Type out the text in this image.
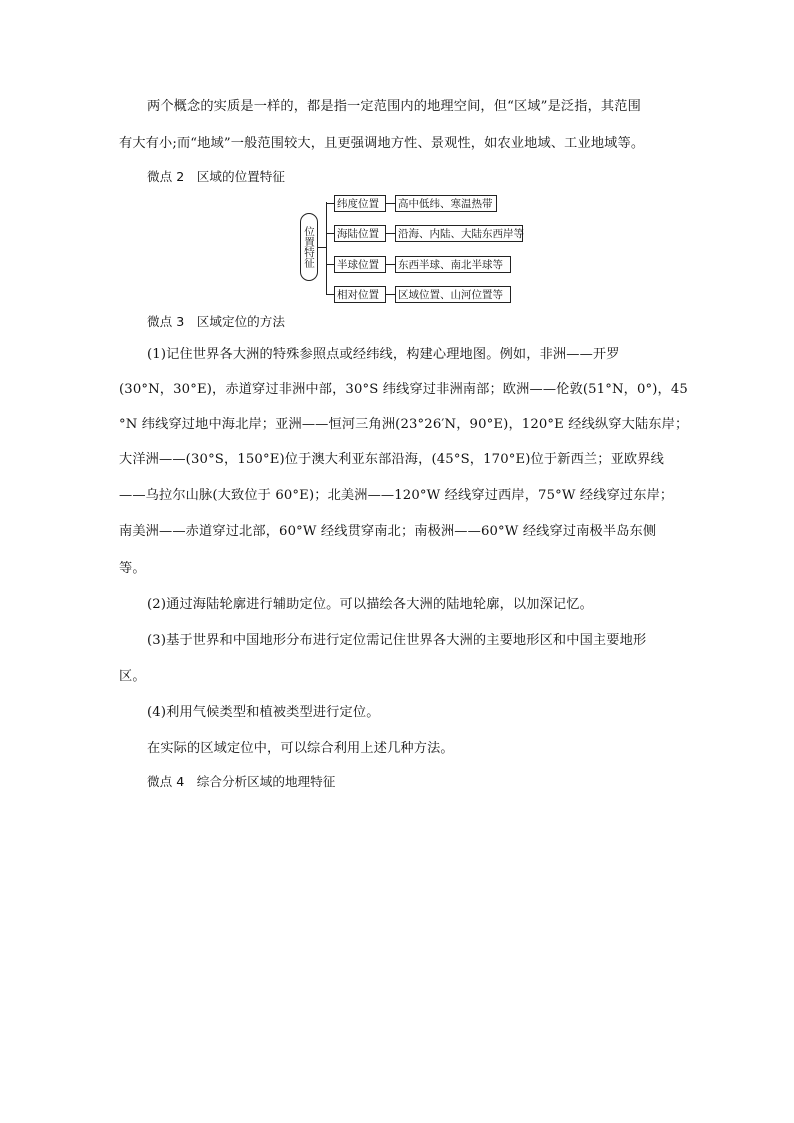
两个概念的实质是一样的，都是指一定范围内的地理空间，但“区域”是泛指，其范围
有大有小;而“地域”一般范围较大，且更强调地方性、景观性，如农业地域、工业地域等。
微点 2　区域的位置特征
位置特征
纬度位置
海陆位置
半球位置
相对位置
高中低纬、寒温热带
沿海、内陆、大陆东西岸等
东西半球、南北半球等
区域位置、山河位置等
微点 3　区域定位的方法
(1)记住世界各大洲的特殊参照点或经纬线，构建心理地图。例如，非洲——开罗
(30°N，30°E)，赤道穿过非洲中部，30°S 纬线穿过非洲南部；欧洲——伦敦(51°N，0°)，45
°N 纬线穿过地中海北岸；亚洲——恒河三角洲(23°26′N，90°E)，120°E 经线纵穿大陆东岸；
大洋洲——(30°S，150°E)位于澳大利亚东部沿海，(45°S，170°E)位于新西兰；亚欧界线
——乌拉尔山脉(大致位于 60°E)；北美洲——120°W 经线穿过西岸，75°W 经线穿过东岸；
南美洲——赤道穿过北部，60°W 经线贯穿南北；南极洲——60°W 经线穿过南极半岛东侧
等。
(2)通过海陆轮廓进行辅助定位。可以描绘各大洲的陆地轮廓，以加深记忆。
(3)基于世界和中国地形分布进行定位需记住世界各大洲的主要地形区和中国主要地形
区。
(4)利用气候类型和植被类型进行定位。
在实际的区域定位中，可以综合利用上述几种方法。
微点 4　综合分析区域的地理特征
